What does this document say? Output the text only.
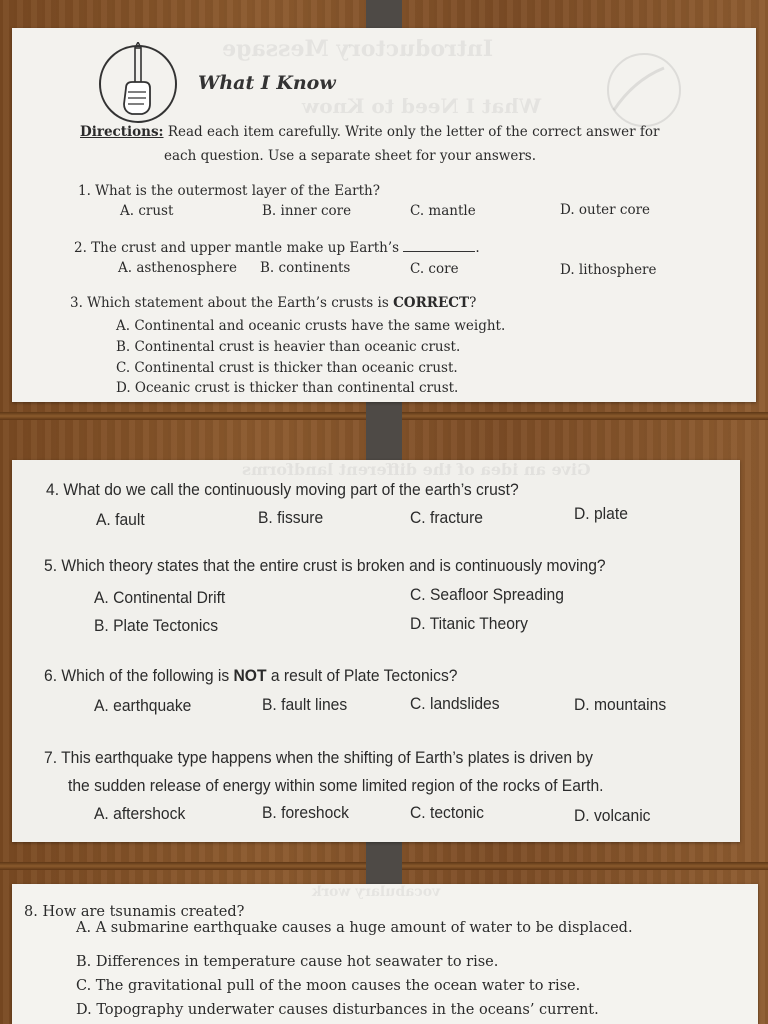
Introductory Message
What I Need to Know
What I Know
Directions: Read each item carefully. Write only the letter of the correct answer for
each question. Use a separate sheet for your answers.
1. What is the outermost layer of the Earth?
A. crust	B. inner core	C. mantle	D. outer core
2. The crust and upper mantle make up Earth’s	.
A. asthenosphere B. continents	C. core	D. lithosphere
3. Which statement about the Earth’s crusts is CORRECT?
A. Continental and oceanic crusts have the same weight.
B. Continental crust is heavier than oceanic crust.
C. Continental crust is thicker than oceanic crust.
D. Oceanic crust is thicker than continental crust.
Give an idea of the different landforms
4. What do we call the continuously moving part of the earth’s crust?
A. fault	B. fissure	C. fracture	D. plate
5. Which theory states that the entire crust is broken and is continuously moving?
A. Continental Drift	C. Seafloor Spreading
B. Plate Tectonics	D. Titanic Theory
6. Which of the following is NOT a result of Plate Tectonics?
A. earthquake	B. fault lines	C. landslides	D. mountains
7. This earthquake type happens when the shifting of Earth’s plates is driven by
the sudden release of energy within some limited region of the rocks of Earth.
A. aftershock	B. foreshock	C. tectonic	D. volcanic
vocabulary work
8. How are tsunamis created?
A. A submarine earthquake causes a huge amount of water to be displaced.
B. Differences in temperature cause hot seawater to rise.
C. The gravitational pull of the moon causes the ocean water to rise.
D. Topography underwater causes disturbances in the oceans’ current.
